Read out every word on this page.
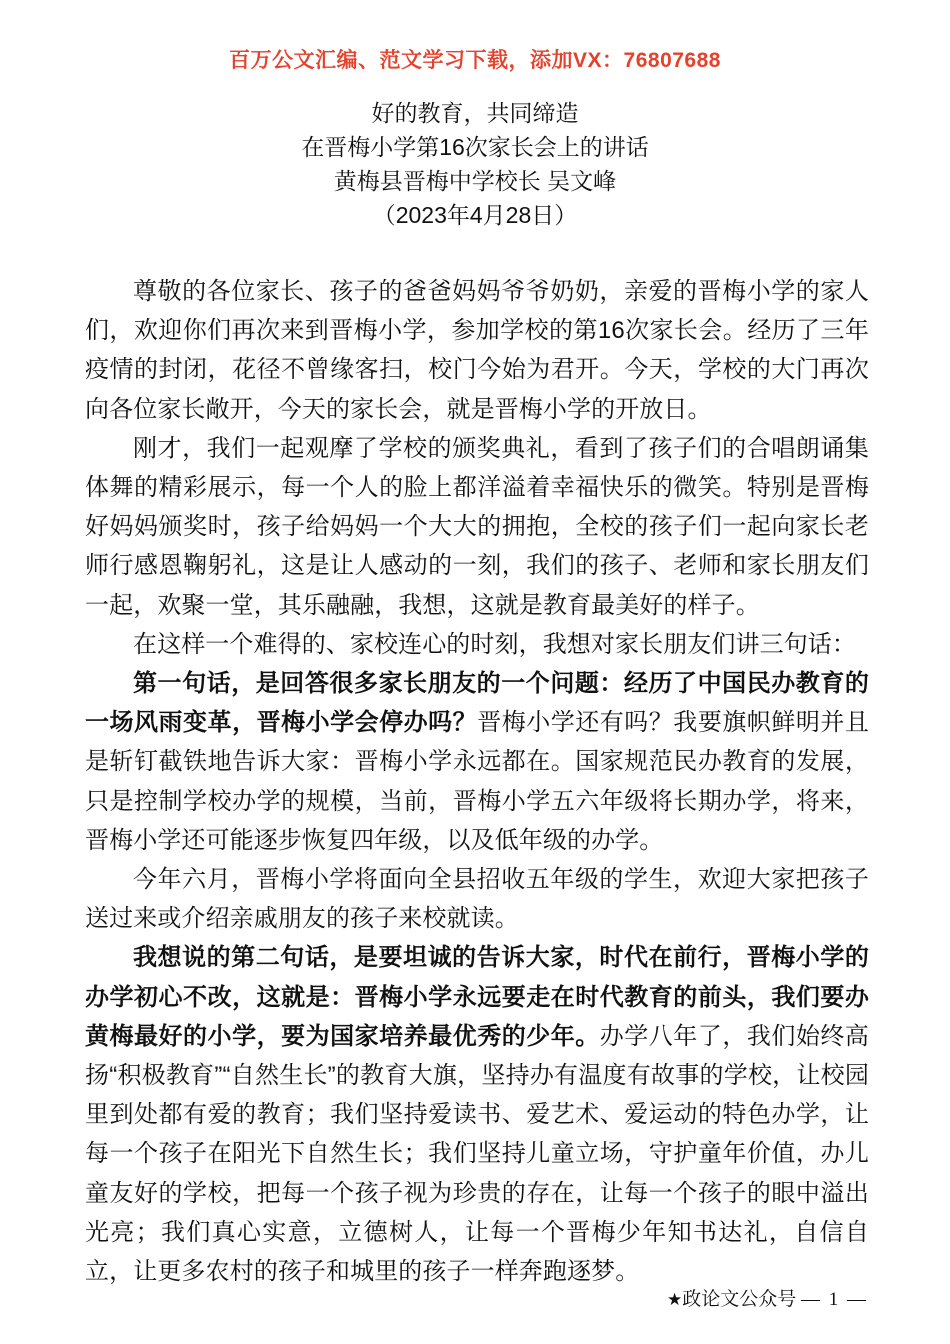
百万公文汇编、范文学习下载，添加VX：76807688
好的教育，共同缔造
在晋梅小学第16次家长会上的讲话
黄梅县晋梅中学校长 吴文峰
（2023年4月28日）

尊敬的各位家长、孩子的爸爸妈妈爷爷奶奶，亲爱的晋梅小学的家人们，欢迎你们再次来到晋梅小学，参加学校的第16次家长会。经历了三年疫情的封闭，花径不曾缘客扫，校门今始为君开。今天，学校的大门再次向各位家长敞开，今天的家长会，就是晋梅小学的开放日。

刚才，我们一起观摩了学校的颁奖典礼，看到了孩子们的合唱朗诵集体舞的精彩展示，每一个人的脸上都洋溢着幸福快乐的微笑。特别是晋梅好妈妈颁奖时，孩子给妈妈一个大大的拥抱，全校的孩子们一起向家长老师行感恩鞠躬礼，这是让人感动的一刻，我们的孩子、老师和家长朋友们一起，欢聚一堂，其乐融融，我想，这就是教育最美好的样子。

在这样一个难得的、家校连心的时刻，我想对家长朋友们讲三句话：

第一句话，是回答很多家长朋友的一个问题：经历了中国民办教育的一场风雨变革，晋梅小学会停办吗？晋梅小学还有吗？我要旗帜鲜明并且是斩钉截铁地告诉大家：晋梅小学永远都在。国家规范民办教育的发展，只是控制学校办学的规模，当前，晋梅小学五六年级将长期办学，将来，晋梅小学还可能逐步恢复四年级，以及低年级的办学。

今年六月，晋梅小学将面向全县招收五年级的学生，欢迎大家把孩子送过来或介绍亲戚朋友的孩子来校就读。

我想说的第二句话，是要坦诚的告诉大家，时代在前行，晋梅小学的办学初心不改，这就是：晋梅小学永远要走在时代教育的前头，我们要办黄梅最好的小学，要为国家培养最优秀的少年。办学八年了，我们始终高扬“积极教育”“自然生长”的教育大旗，坚持办有温度有故事的学校，让校园里到处都有爱的教育；我们坚持爱读书、爱艺术、爱运动的特色办学，让每一个孩子在阳光下自然生长；我们坚持儿童立场，守护童年价值，办儿童友好的学校，把每一个孩子视为珍贵的存在，让每一个孩子的眼中溢出光亮；我们真心实意，立德树人，让每一个晋梅少年知书达礼，自信自立，让更多农村的孩子和城里的孩子一样奔跑逐梦。

★政论文公众号 — 1 —
